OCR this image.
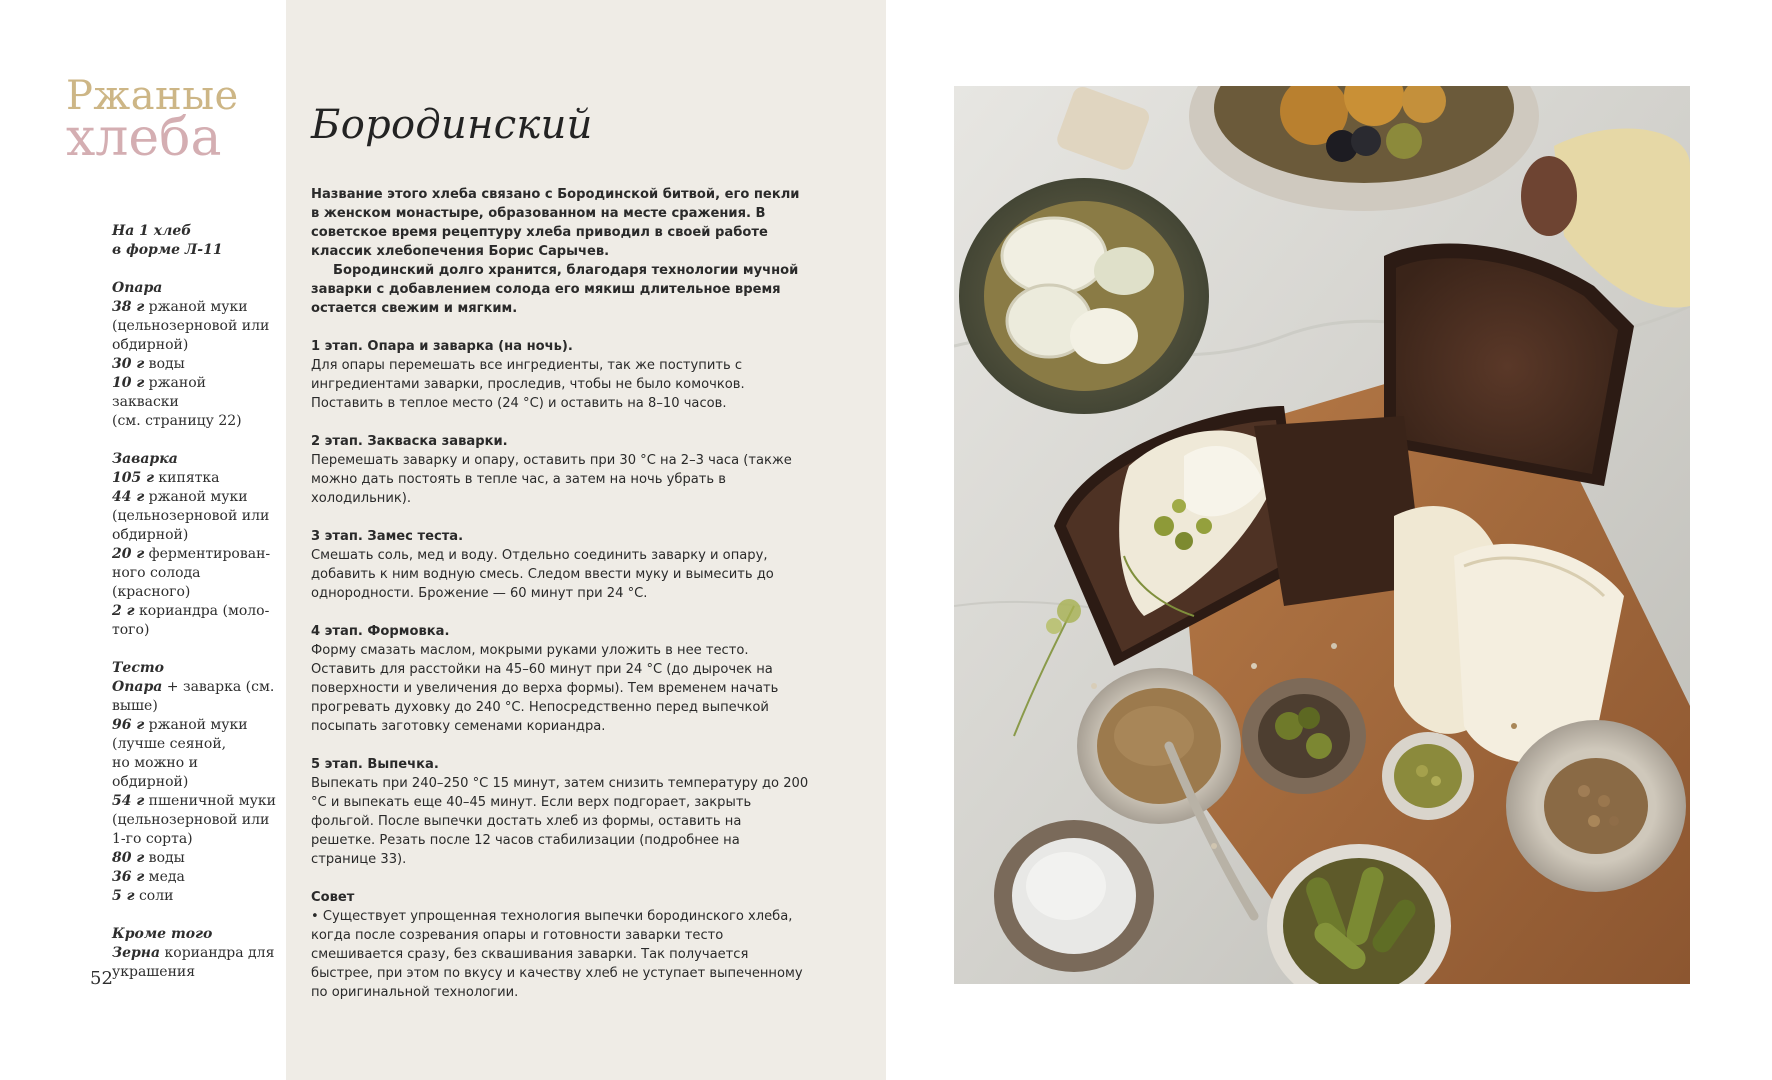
Ржаные
хлеба
На 1 хлеб
в форме Л-11
Опара
38 г ржаной муки
(цельнозерновой или
обдирной)
30 г воды
10 г ржаной закваски
(см. страницу 22)
Заварка
105 г кипятка
44 г ржаной муки
(цельнозерновой или
обдирной)
20 г ферментирован-
ного солода (красного)
2 г кориандра (моло-
того)
Тесто
Опара + заварка (см.
выше)
96 г ржаной муки
(лучше сеяной,
но можно и обдирной)
54 г пшеничной муки
(цельнозерновой или
1-го сорта)
80 г воды
36 г меда
5 г соли
Кроме того
Зерна кориандра для
украшения
52
Бородинский

Название этого хлеба связано с Бородинской битвой, его пекли в женском монастыре, образованном на месте сражения. В советское время рецептуру хлеба приводил в своей работе классик хлебопечения Борис Сарычев.

Бородинский долго хранится, благодаря технологии мучной заварки с добавлением солода его мякиш длительное время остается свежим и мягким.

1 этап. Опара и заварка (на ночь).

Для опары перемешать все ингредиенты, так же поступить с ингредиентами заварки, проследив, чтобы не было комочков. Поставить в теплое место (24 °C) и оставить на 8–10 часов.

2 этап. Закваска заварки.

Перемешать заварку и опару, оставить при 30 °C на 2–3 часа (также можно дать постоять в тепле час, а затем на ночь убрать в холодильник).

3 этап. Замес теста.

Смешать соль, мед и воду. Отдельно соединить заварку и опару, добавить к ним водную смесь. Следом ввести муку и вымесить до однородности. Брожение — 60 минут при 24 °C.

4 этап. Формовка.

Форму смазать маслом, мокрыми руками уложить в нее тесто. Оставить для расстойки на 45–60 минут при 24 °C (до дырочек на поверхности и увеличения до верха формы). Тем временем начать прогревать духовку до 240 °C. Непосредственно перед выпечкой посыпать заготовку семенами кориандра.

5 этап. Выпечка.

Выпекать при 240–250 °C 15 минут, затем снизить температуру до 200 °C и выпекать еще 40–45 минут. Если верх подгорает, закрыть фольгой. После выпечки достать хлеб из формы, оставить на решетке. Резать после 12 часов стабилизации (подробнее на странице 33).

Совет

• Существует упрощенная технология выпечки бородинского хлеба, когда после созревания опары и готовности заварки тесто смешивается сразу, без сквашивания заварки. Так получается быстрее, при этом по вкусу и качеству хлеб не уступает выпеченному по оригинальной технологии.
